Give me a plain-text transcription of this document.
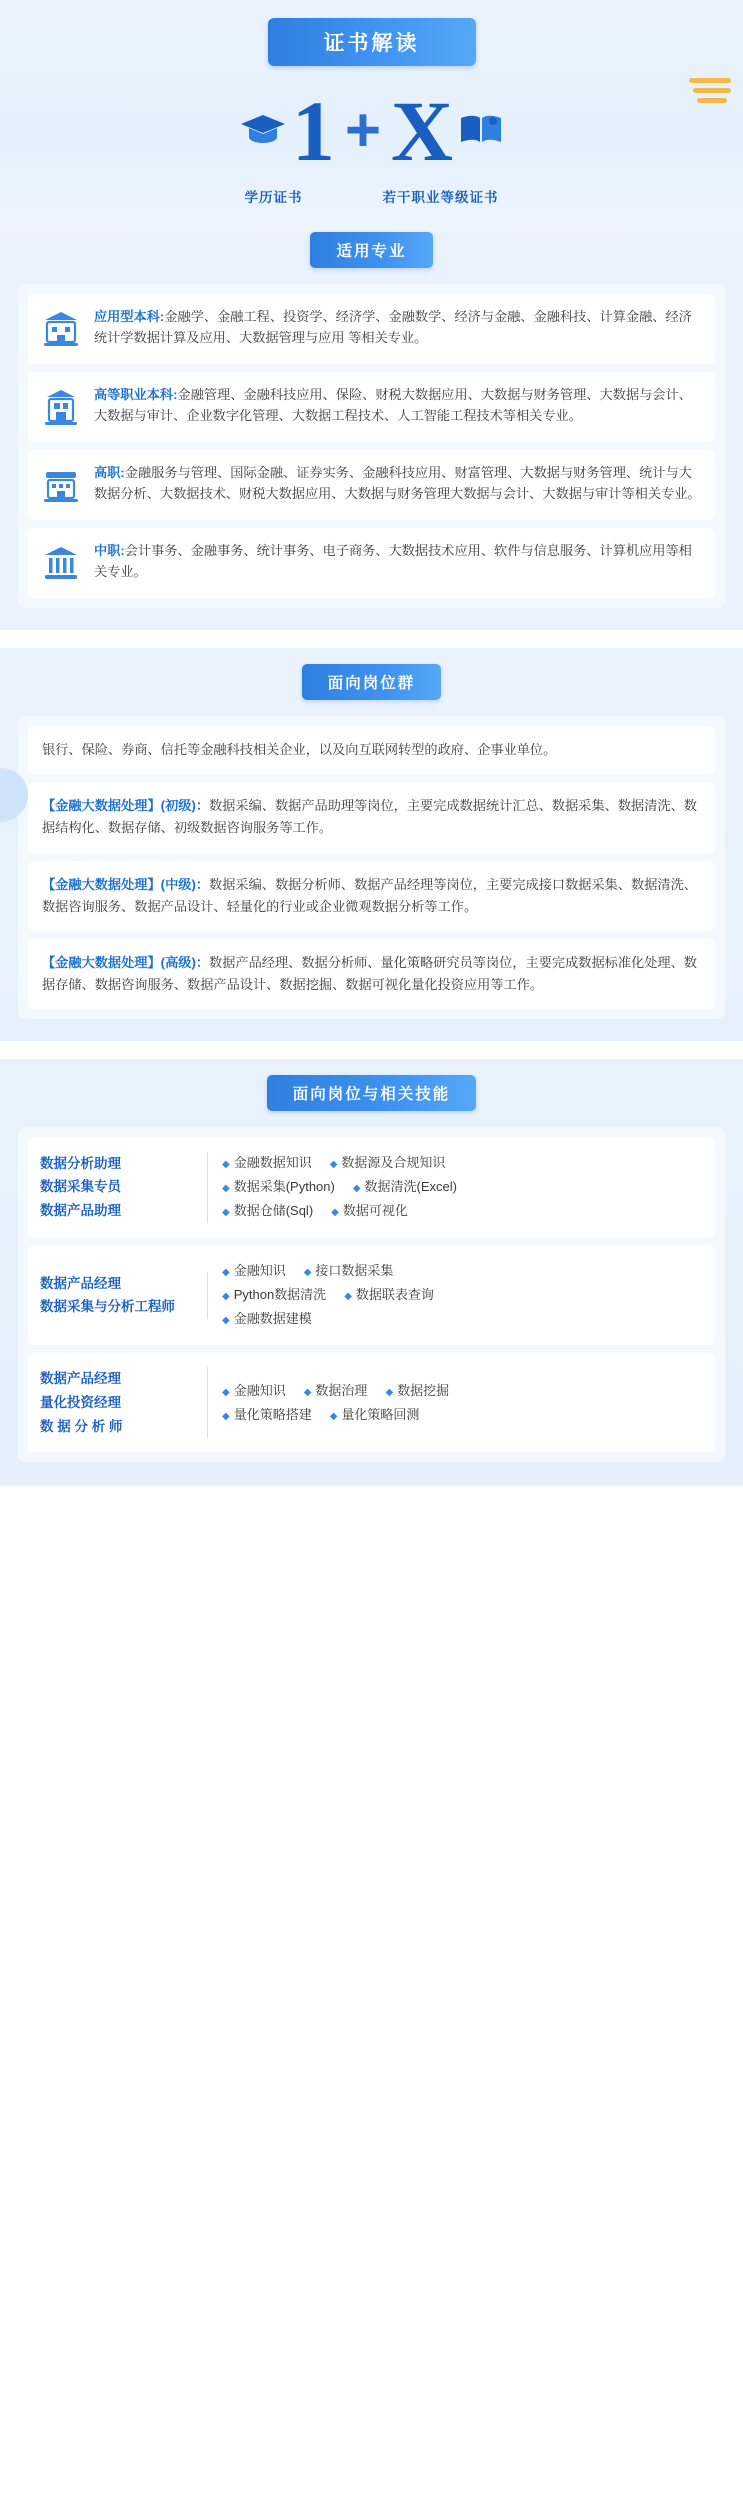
证书解读
1 + X
学历证书	若干职业等级证书
适用专业
应用型本科:金融学、金融工程、投资学、经济学、金融数学、经济与金融、金融科技、计算金融、经济统计学数据计算及应用、大数据管理与应用 等相关专业。
高等职业本科:金融管理、金融科技应用、保险、财税大数据应用、大数据与财务管理、大数据与会计、大数据与审计、企业数字化管理、大数据工程技术、人工智能工程技术等相关专业。
高职:金融服务与管理、国际金融、证券实务、金融科技应用、财富管理、大数据与财务管理、统计与大数据分析、大数据技术、财税大数据应用、大数据与财务管理大数据与会计、大数据与审计等相关专业。
中职:会计事务、金融事务、统计事务、电子商务、大数据技术应用、软件与信息服务、计算机应用等相关专业。
面向岗位群
银行、保险、券商、信托等金融科技相关企业，以及向互联网转型的政府、企事业单位。
【金融大数据处理】(初级)：数据采编、数据产品助理等岗位，主要完成数据统计汇总、数据采集、数据清洗、数据结构化、数据存储、初级数据咨询服务等工作。
【金融大数据处理】(中级)：数据采编、数据分析师、数据产品经理等岗位，主要完成接口数据采集、数据清洗、数据咨询服务、数据产品设计、轻量化的行业或企业微观数据分析等工作。
【金融大数据处理】(高级)：数据产品经理、数据分析师、量化策略研究员等岗位，主要完成数据标准化处理、数据存储、数据咨询服务、数据产品设计、数据挖掘、数据可视化量化投资应用等工作。
面向岗位与相关技能
数据分析助理
数据采集专员
数据产品助理
◆ 金融数据知识 ◆ 数据源及合规知识
◆ 数据采集(Python) ◆ 数据清洗(Excel)
◆ 数据仓储(Sql) ◆ 数据可视化
数据产品经理
数据采集与分析工程师
◆ 金融知识 ◆ 接口数据采集
◆ Python数据清洗 ◆ 数据联表查询
◆ 金融数据建模
数据产品经理
量化投资经理
数 据 分 析 师
◆ 金融知识 ◆ 数据治理 ◆ 数据挖掘
◆ 量化策略搭建 ◆ 量化策略回测
